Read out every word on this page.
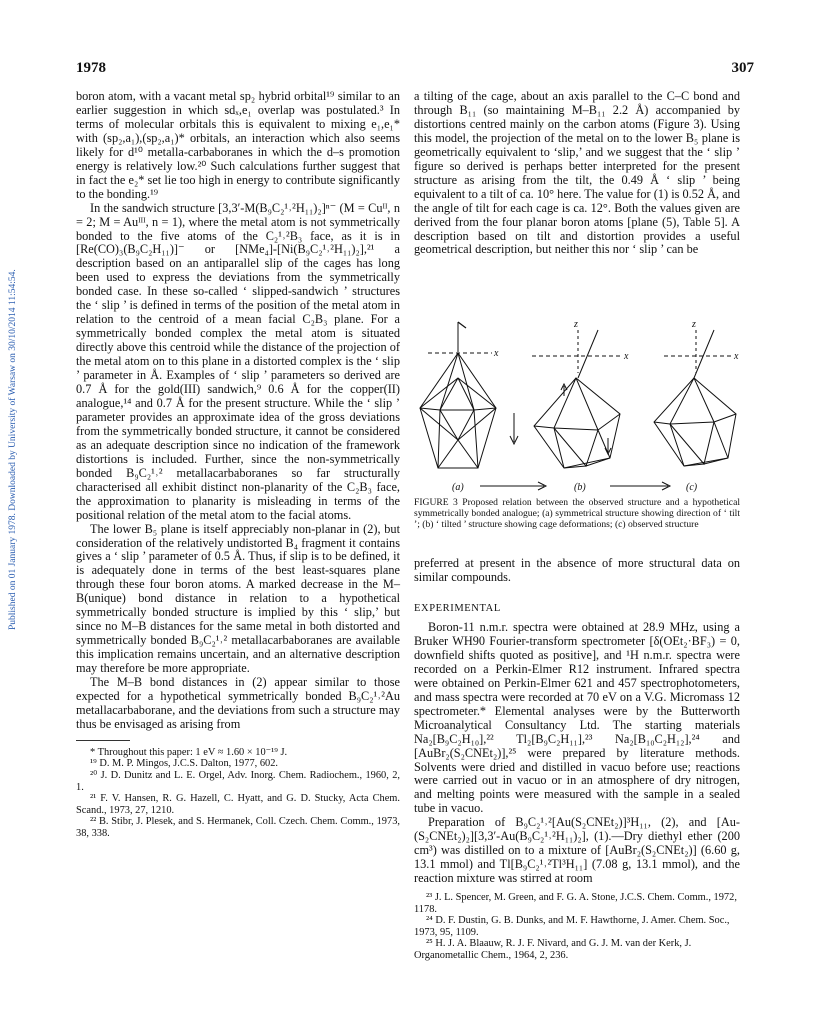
1978	307
Published on 01 January 1978. Downloaded by University of Warsaw on 30/10/2014 11:54:54.

boron atom, with a vacant metal sp₂ hybrid orbital¹⁹ similar to an earlier suggestion in which sdₓ,e₁ overlap was postulated.³ In terms of molecular orbitals this is equivalent to mixing e₁,e₁* with (sp₂,a₁),(sp₂,a₁)* orbitals, an interaction which also seems likely for d¹⁰ metalla-carbaboranes in which the d–s promotion energy is relatively low.²⁰ Such calculations further suggest that in fact the e₂* set lie too high in energy to contribute significantly to the bonding.¹⁹

In the sandwich structure [3,3′-M(B₉C₂¹˒²H₁₁)₂]ⁿ⁻ (M = Cuᴵᴵ, n = 2; M = Auᴵᴵᴵ, n = 1), where the metal atom is not symmetrically bonded to the five atoms of the C₂¹˒²B₃ face, as it is in [Re(CO)₃(B₉C₂H₁₁)]⁻ or [NMe₄]-[Ni(B₉C₂¹˒²H₁₁)₂],²¹ a description based on an antiparallel slip of the cages has long been used to express the deviations from the symmetrically bonded case. In these so-called ‘ slipped-sandwich ’ structures the ‘ slip ’ is defined in terms of the position of the metal atom in relation to the centroid of a mean facial C₂B₃ plane. For a symmetrically bonded complex the metal atom is situated directly above this centroid while the distance of the projection of the metal atom on to this plane in a distorted complex is the ‘ slip ’ parameter in Å. Examples of ‘ slip ’ parameters so derived are 0.7 Å for the gold(III) sandwich,⁹ 0.6 Å for the copper(II) analogue,¹⁴ and 0.7 Å for the present structure. While the ‘ slip ’ parameter provides an approximate idea of the gross deviations from the symmetrically bonded structure, it cannot be considered as an adequate description since no indication of the framework distortions is included. Further, since the non-symmetrically bonded B₉C₂¹˒² metallacarbaboranes so far structurally characterised all exhibit distinct non-planarity of the C₂B₃ face, the approximation to planarity is misleading in terms of the positional relation of the metal atom to the facial atoms.

The lower B₅ plane is itself appreciably non-planar in (2), but consideration of the relatively undistorted B₄ fragment it contains gives a ‘ slip ’ parameter of 0.5 Å. Thus, if slip is to be defined, it is adequately done in terms of the best least-squares plane through these four boron atoms. A marked decrease in the M–B(unique) bond distance in relation to a hypothetical symmetrically bonded structure is implied by this ‘ slip,’ but since no M–B distances for the same metal in both distorted and symmetrically bonded B₉C₂¹˒² metallacarbaboranes are available this implication remains uncertain, and an alternative description may therefore be more appropriate.

The M–B bond distances in (2) appear similar to those expected for a hypothetical symmetrically bonded B₉C₂¹˒²Au metallacarbaborane, and the deviations from such a structure may thus be envisaged as arising from

* Throughout this paper: 1 eV ≈ 1.60 × 10⁻¹⁹ J.

¹⁹ D. M. P. Mingos, J.C.S. Dalton, 1977, 602.

²⁰ J. D. Dunitz and L. E. Orgel, Adv. Inorg. Chem. Radiochem., 1960, 2, 1.

²¹ F. V. Hansen, R. G. Hazell, C. Hyatt, and G. D. Stucky, Acta Chem. Scand., 1973, 27, 1210.

²² B. Stibr, J. Plesek, and S. Hermanek, Coll. Czech. Chem. Comm., 1973, 38, 338.

a tilting of the cage, about an axis parallel to the C–C bond and through B₁₁ (so maintaining M–B₁₁ 2.2 Å) accompanied by distortions centred mainly on the carbon atoms (Figure 3). Using this model, the projection of the metal on to the lower B₅ plane is geometrically equivalent to ‘slip,’ and we suggest that the ‘ slip ’ figure so derived is perhaps better interpreted for the present structure as arising from the tilt, the 0.49 Å ‘ slip ’ being equivalent to a tilt of ca. 10° here. The value for (1) is 0.52 Å, and the angle of tilt for each cage is ca. 12°. Both the values given are derived from the four planar boron atoms [plane (5), Table 5]. A description based on tilt and distortion provides a useful geometrical description, but neither this nor ‘ slip ’ can be

x
z
x
z
x
(a)	(b)	(c)
FIGURE 3 Proposed relation between the observed structure and a hypothetical symmetrically bonded analogue; (a) symmetrical structure showing direction of ‘ tilt ’; (b) ‘ tilted ’ structure showing cage deformations; (c) observed structure

preferred at present in the absence of more structural data on similar compounds.

EXPERIMENTAL

Boron-11 n.m.r. spectra were obtained at 28.9 MHz, using a Bruker WH90 Fourier-transform spectrometer [δ(OEt₂·BF₃) = 0, downfield shifts quoted as positive], and ¹H n.m.r. spectra were recorded on a Perkin-Elmer R12 instrument. Infrared spectra were obtained on Perkin-Elmer 621 and 457 spectrophotometers, and mass spectra were recorded at 70 eV on a V.G. Micromass 12 spectrometer.* Elemental analyses were by the Butterworth Microanalytical Consultancy Ltd. The starting materials Na₂[B₉C₂H₁₀],²² Tl₂[B₉C₂H₁₁],²³ Na₂[B₁₀C₂H₁₂],²⁴ and [AuBr₂(S₂CNEt₂)],²⁵ were prepared by literature methods. Solvents were dried and distilled in vacuo before use; reactions were carried out in vacuo or in an atmosphere of dry nitrogen, and melting points were measured with the sample in a sealed tube in vacuo.

Preparation of B₉C₂¹˒²[Au(S₂CNEt₂)]³H₁₁, (2), and [Au-(S₂CNEt₂)₂][3,3′-Au(B₉C₂¹˒²H₁₁)₂], (1).—Dry diethyl ether (200 cm³) was distilled on to a mixture of [AuBr₂(S₂CNEt₂)] (6.60 g, 13.1 mmol) and Tl[B₉C₂¹˒²Tl³H₁₁] (7.08 g, 13.1 mmol), and the reaction mixture was stirred at room

²³ J. L. Spencer, M. Green, and F. G. A. Stone, J.C.S. Chem. Comm., 1972, 1178.

²⁴ D. F. Dustin, G. B. Dunks, and M. F. Hawthorne, J. Amer. Chem. Soc., 1973, 95, 1109.

²⁵ H. J. A. Blaauw, R. J. F. Nivard, and G. J. M. van der Kerk, J. Organometallic Chem., 1964, 2, 236.
